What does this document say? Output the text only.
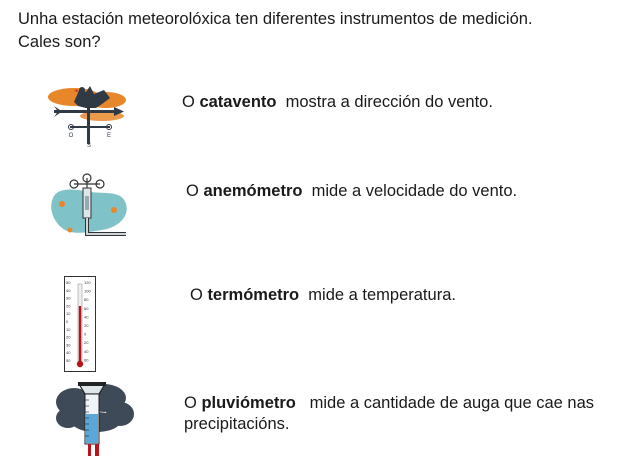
Unha estación meteorolóxica ten diferentes instrumentos de medición.
Cales son?

O	E
S

O catavento mostra a dirección do vento.

O anemómetro mide a velocidade do vento.

50
40
30
20
10
0
10
20
30
40
50
120
100
80
60
40
20
0
20
40
60

O termómetro mide a temperatura.

O pluviómetro mide a cantidade de auga que cae nas
precipitacións.
